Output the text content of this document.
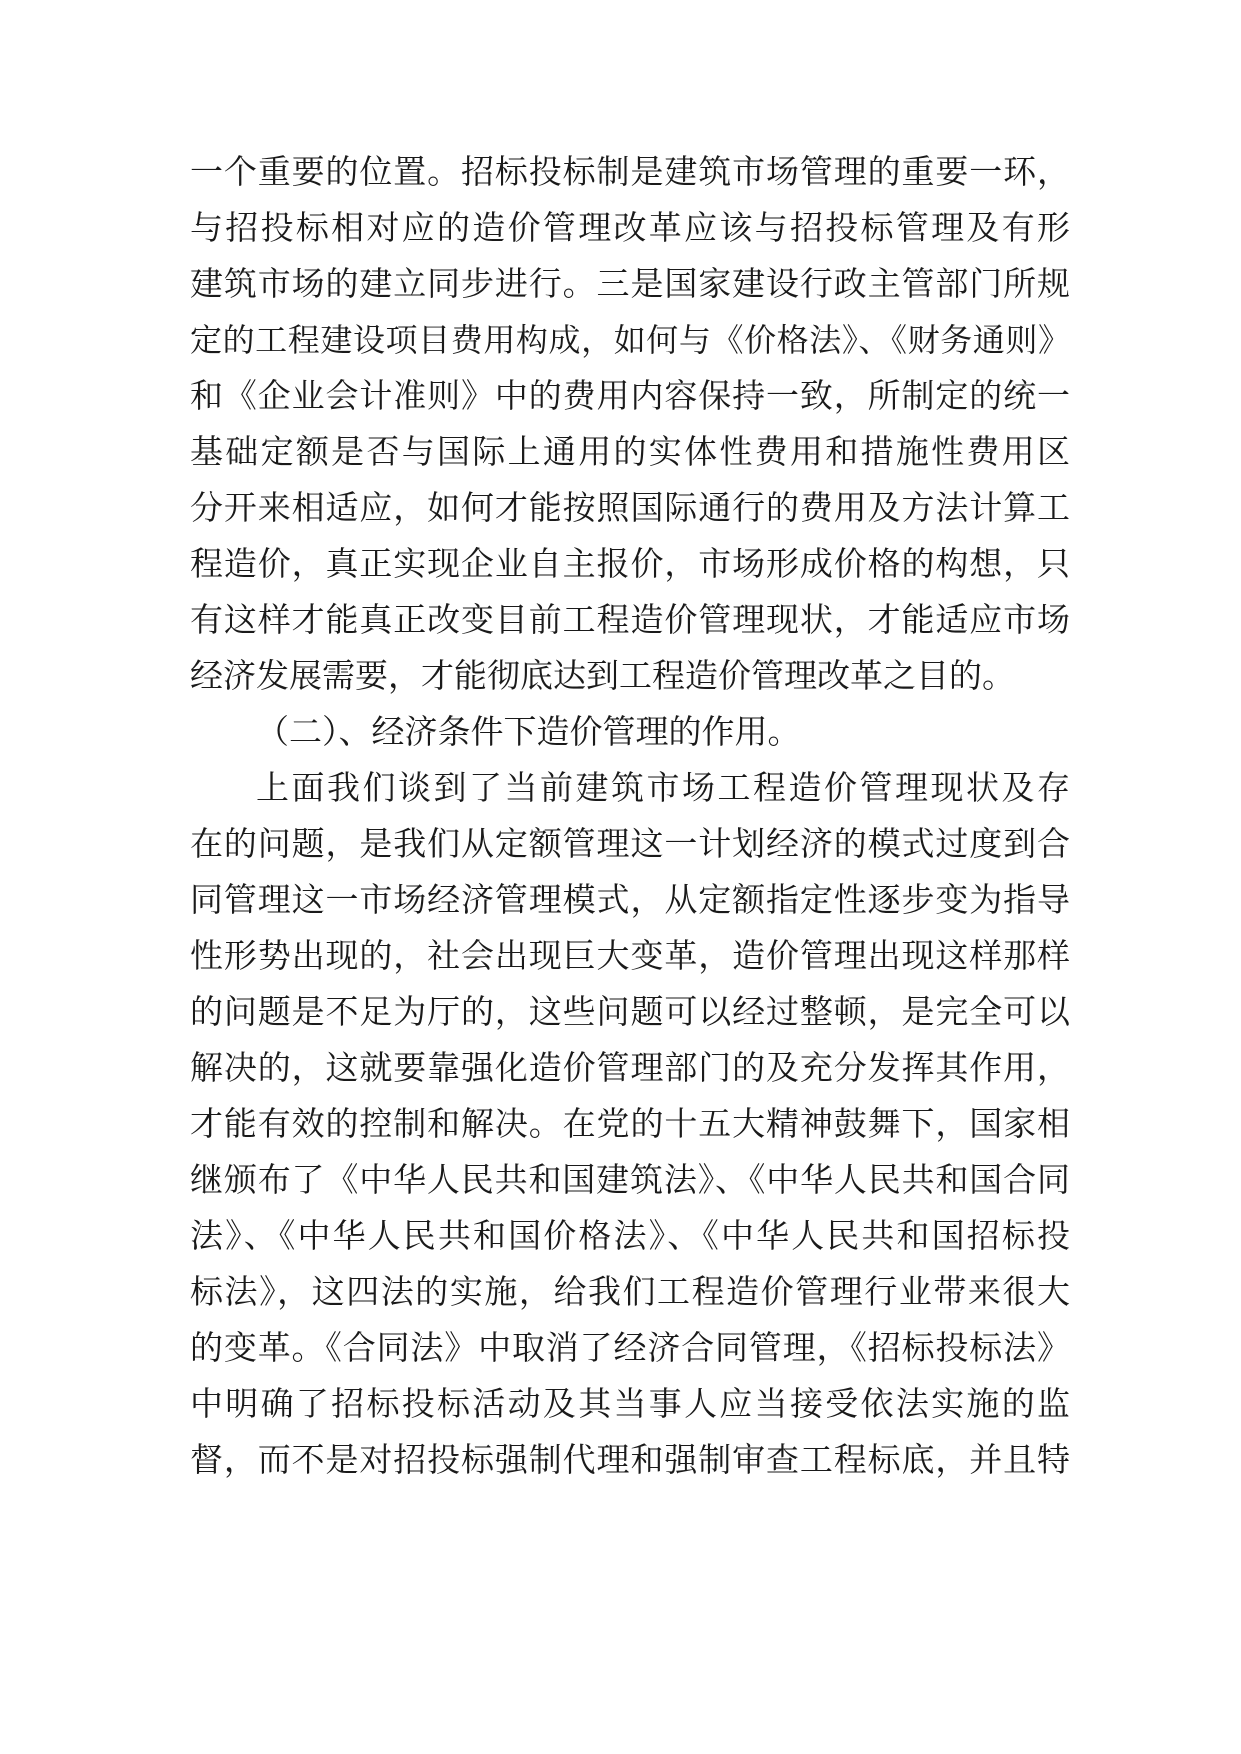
一个重要的位置。招标投标制是建筑市场管理的重要一环，
与招投标相对应的造价管理改革应该与招投标管理及有形
建筑市场的建立同步进行。三是国家建设行政主管部门所规
定的工程建设项目费用构成，如何与《价格法》、《财务通则》
和《企业会计准则》中的费用内容保持一致，所制定的统一
基础定额是否与国际上通用的实体性费用和措施性费用区
分开来相适应，如何才能按照国际通行的费用及方法计算工
程造价，真正实现企业自主报价，市场形成价格的构想，只
有这样才能真正改变目前工程造价管理现状，才能适应市场
经济发展需要，才能彻底达到工程造价管理改革之目的。
（二）、经济条件下造价管理的作用。
上面我们谈到了当前建筑市场工程造价管理现状及存
在的问题，是我们从定额管理这一计划经济的模式过度到合
同管理这一市场经济管理模式，从定额指定性逐步变为指导
性形势出现的，社会出现巨大变革，造价管理出现这样那样
的问题是不足为厅的，这些问题可以经过整顿，是完全可以
解决的，这就要靠强化造价管理部门的及充分发挥其作用，
才能有效的控制和解决。在党的十五大精神鼓舞下，国家相
继颁布了《中华人民共和国建筑法》、《中华人民共和国合同
法》、《中华人民共和国价格法》、《中华人民共和国招标投
标法》，这四法的实施，给我们工程造价管理行业带来很大
的变革。《合同法》中取消了经济合同管理，《招标投标法》
中明确了招标投标活动及其当事人应当接受依法实施的监
督，而不是对招投标强制代理和强制审查工程标底，并且特
